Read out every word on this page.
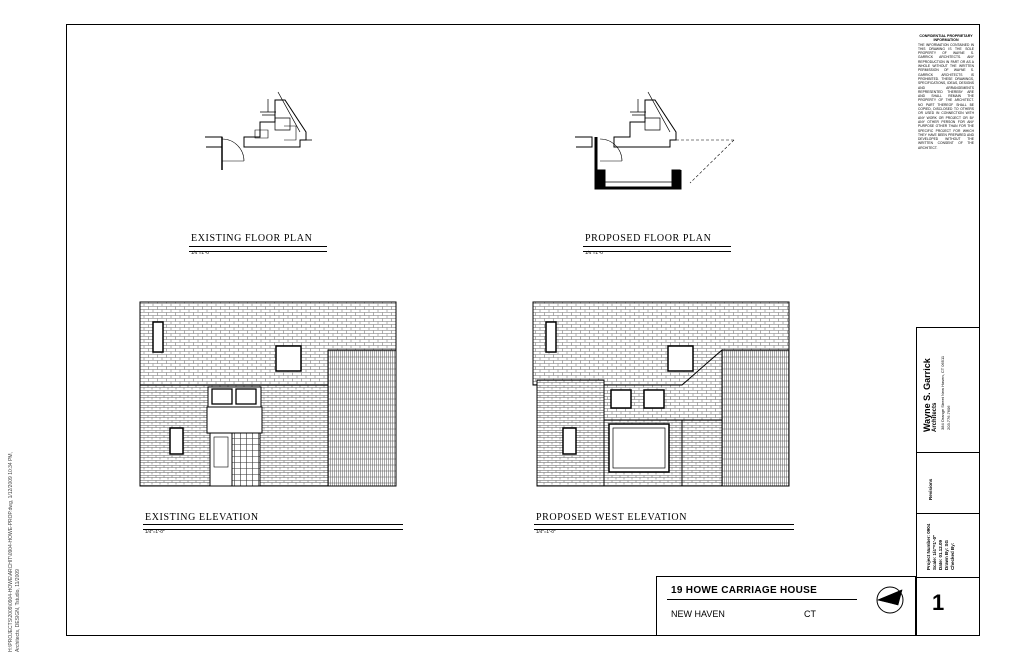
H:\PROJECTS\2009\0904-HOWE\ARCHIT\0904-HOWE-PROP.dwg, 1/12/2009 10:34 PM, Architects, DESIGN, Tstudio, 11/2009
CONFIDENTIAL PROPRIETARY INFORMATION
THE INFORMATION CONTAINED IN THIS DRAWING IS THE SOLE PROPERTY OF WAYNE S. GARRICK ARCHITECTS. ANY REPRODUCTION IN PART OR AS A WHOLE WITHOUT THE WRITTEN PERMISSION OF WAYNE S. GARRICK ARCHITECTS IS PROHIBITED. THESE DRAWINGS, SPECIFICATIONS, IDEAS, DESIGNS AND ARRANGEMENTS REPRESENTED THEREBY ARE AND SHALL REMAIN THE PROPERTY OF THE ARCHITECT. NO PART THEREOF SHALL BE COPIED, DISCLOSED TO OTHERS OR USED IN CONNECTION WITH ANY WORK OR PROJECT OR BY ANY OTHER PERSON FOR ANY PURPOSE OTHER THAN FOR THE SPECIFIC PROJECT FOR WHICH THEY HAVE BEEN PREPARED AND DEVELOPED WITHOUT THE WRITTEN CONSENT OF THE ARCHITECT.
EXISTING FLOOR PLAN
1/4"=1'-0"
PROPOSED FLOOR PLAN
1/4"=1'-0"
EXISTING ELEVATION
1/4"=1'-0"
PROPOSED WEST ELEVATION
1/4"=1'-0"
19 HOWE CARRIAGE HOUSE
NEW HAVEN	CT
N
Wayne S. Garrick Architects 384 Orange Street New Haven, CT 06511 203.776.7606
Revisions
Project Number: 0904 Scale: 1/4"=1'-0" Date: 01.12.09 Drawn By: SG Checked By:
1
